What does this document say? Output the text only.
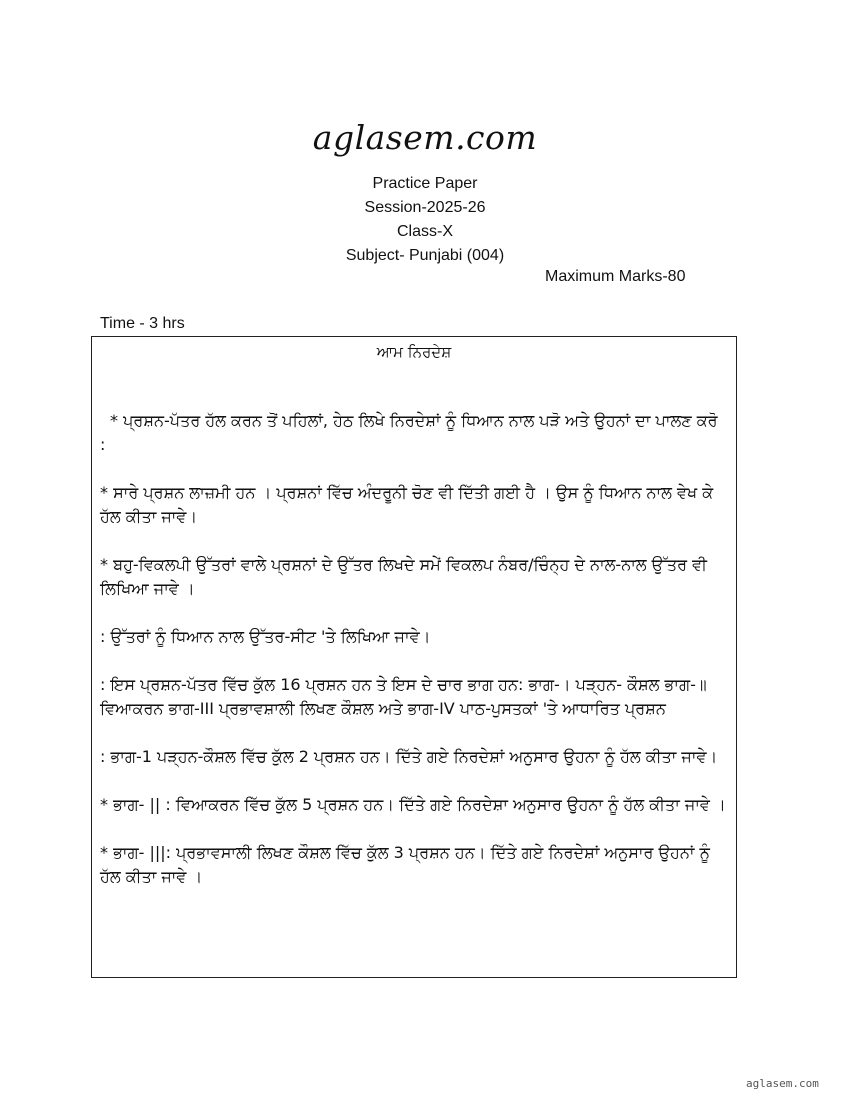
aglasem.com
Practice Paper
Session-2025-26
Class-X
Subject- Punjabi (004)
Maximum Marks-80
Time - 3 hrs
ਆਮ ਨਿਰਦੇਸ਼

* ਪ੍ਰਸ਼ਨ-ਪੱਤਰ ਹੱਲ ਕਰਨ ਤੋਂ ਪਹਿਲਾਂ, ਹੇਠ ਲਿਖੇ ਨਿਰਦੇਸ਼ਾਂ ਨੂੰ ਧਿਆਨ ਨਾਲ ਪੜੋ ਅਤੇ ਉਹਨਾਂ ਦਾ ਪਾਲਣ ਕਰੋ :

* ਸਾਰੇ ਪ੍ਰਸ਼ਨ ਲਾਜ਼ਮੀ ਹਨ । ਪ੍ਰਸ਼ਨਾਂ ਵਿੱਚ ਅੰਦਰੂਨੀ ਚੋਣ ਵੀ ਦਿੱਤੀ ਗਈ ਹੈ । ਉਸ ਨੂੰ ਧਿਆਨ ਨਾਲ ਵੇਖ ਕੇ ਹੱਲ ਕੀਤਾ ਜਾਵੇ।

* ਬਹੁ-ਵਿਕਲਪੀ ਉੱਤਰਾਂ ਵਾਲੇ ਪ੍ਰਸ਼ਨਾਂ ਦੇ ਉੱਤਰ ਲਿਖਦੇ ਸਮੇਂ ਵਿਕਲਪ ਨੰਬਰ/ਚਿੰਨ੍ਹ ਦੇ ਨਾਲ-ਨਾਲ ਉੱਤਰ ਵੀ ਲਿਖਿਆ ਜਾਵੇ ।

: ਉੱਤਰਾਂ ਨੂੰ ਧਿਆਨ ਨਾਲ ਉੱਤਰ-ਸੀਟ 'ਤੇ ਲਿਖਿਆ ਜਾਵੇ।

: ਇਸ ਪ੍ਰਸ਼ਨ-ਪੱਤਰ ਵਿੱਚ ਕੁੱਲ 16 ਪ੍ਰਸ਼ਨ ਹਨ ਤੇ ਇਸ ਦੇ ਚਾਰ ਭਾਗ ਹਨ: ਭਾਗ-। ਪੜ੍ਹਨ- ਕੌਸ਼ਲ ਭਾਗ-॥ ਵਿਆਕਰਨ ਭਾਗ-III ਪ੍ਰਭਾਵਸ਼ਾਲੀ ਲਿਖਣ ਕੌਸ਼ਲ ਅਤੇ ਭਾਗ-IV ਪਾਠ-ਪੁਸਤਕਾਂ 'ਤੇ ਆਧਾਰਿਤ ਪ੍ਰਸ਼ਨ

: ਭਾਗ-1 ਪੜ੍ਹਨ-ਕੌਸ਼ਲ ਵਿੱਚ ਕੁੱਲ 2 ਪ੍ਰਸ਼ਨ ਹਨ। ਦਿੱਤੇ ਗਏ ਨਿਰਦੇਸ਼ਾਂ ਅਨੁਸਾਰ ਉਹਨਾ ਨੂੰ ਹੱਲ ਕੀਤਾ ਜਾਵੇ।

* ਭਾਗ- || : ਵਿਆਕਰਨ ਵਿੱਚ ਕੁੱਲ 5 ਪ੍ਰਸ਼ਨ ਹਨ। ਦਿੱਤੇ ਗਏ ਨਿਰਦੇਸ਼ਾ ਅਨੁਸਾਰ ਉਹਨਾ ਨੂੰ ਹੱਲ ਕੀਤਾ ਜਾਵੇ ।

* ਭਾਗ- |||: ਪ੍ਰਭਾਵਸਾਲੀ ਲਿਖਣ ਕੌਸ਼ਲ ਵਿੱਚ ਕੁੱਲ 3 ਪ੍ਰਸ਼ਨ ਹਨ। ਦਿੱਤੇ ਗਏ ਨਿਰਦੇਸ਼ਾਂ ਅਨੁਸਾਰ ਉਹਨਾਂ ਨੂੰ ਹੱਲ ਕੀਤਾ ਜਾਵੇ ।

aglasem.com
